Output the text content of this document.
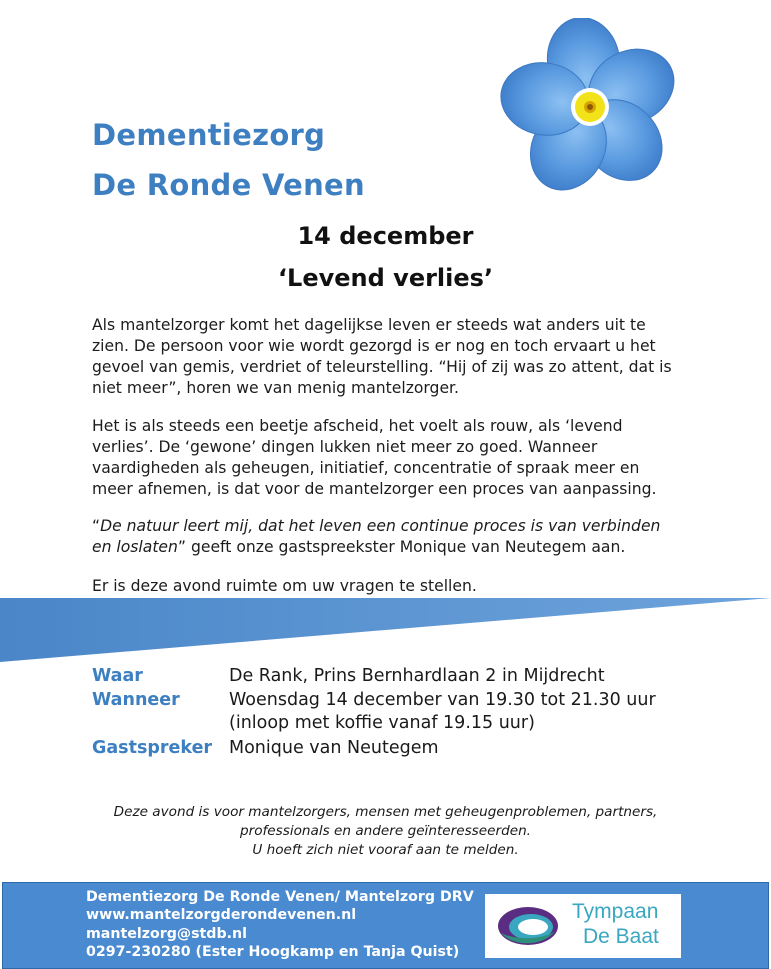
Dementiezorg
De Ronde Venen
14 december
‘Levend verlies’

Als mantelzorger komt het dagelijkse leven er steeds wat anders uit te

zien. De persoon voor wie wordt gezorgd is er nog en toch ervaart u het

gevoel van gemis, verdriet of teleurstelling. “Hij of zij was zo attent, dat is

niet meer”, horen we van menig mantelzorger.

Het is als steeds een beetje afscheid, het voelt als rouw, als ‘levend

verlies’. De ‘gewone’ dingen lukken niet meer zo goed. Wanneer

vaardigheden als geheugen, initiatief, concentratie of spraak meer en

meer afnemen, is dat voor de mantelzorger een proces van aanpassing.

“De natuur leert mij, dat het leven een continue proces is van verbinden

en loslaten” geeft onze gastspreekster Monique van Neutegem aan.

Er is deze avond ruimte om uw vragen te stellen.

Waar	De Rank, Prins Bernhardlaan 2 in Mijdrecht
Wanneer	Woensdag 14 december van 19.30 tot 21.30 uur
(inloop met koffie vanaf 19.15 uur)
Gastspreker Monique van Neutegem
Deze avond is voor mantelzorgers, mensen met geheugenproblemen, partners,
professionals en andere geïnteresseerden.
U hoeft zich niet vooraf aan te melden.
Dementiezorg De Ronde Venen/ Mantelzorg DRV
www.mantelzorgderondevenen.nl
mantelzorg@stdb.nl
0297-230280 (Ester Hoogkamp en Tanja Quist)
Tympaan
De Baat
